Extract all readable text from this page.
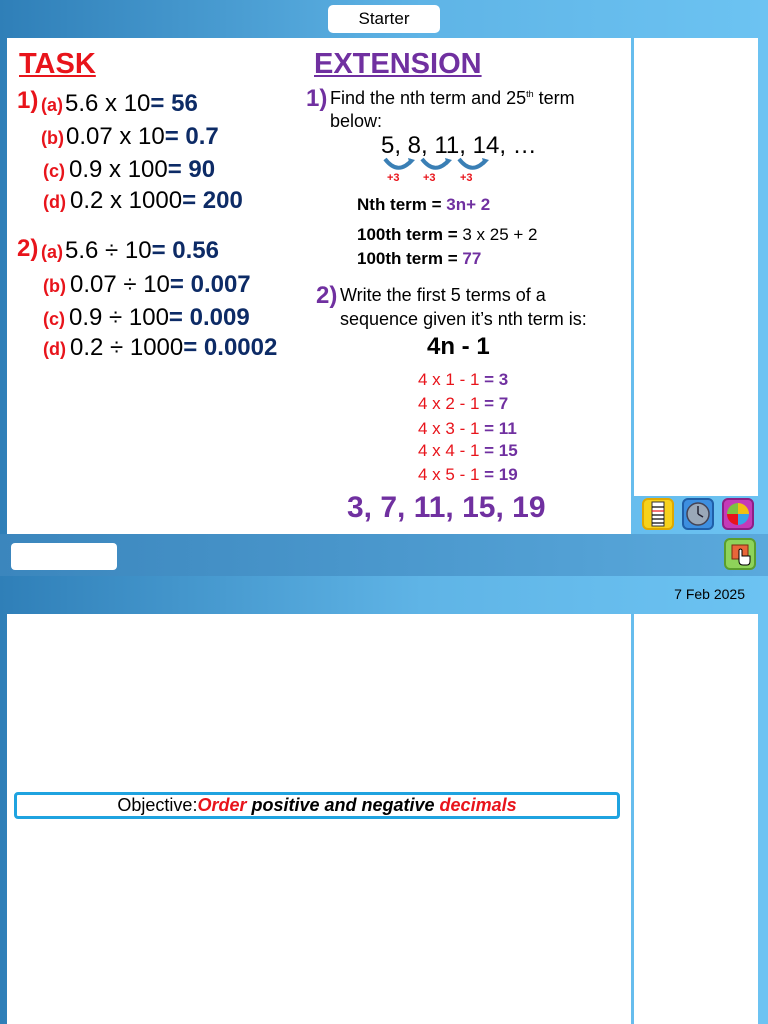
Starter
TASK
1) (a)5.6 x 10= 56
(b)0.07 x 10= 0.7
(c) 0.9 x 100= 90
(d) 0.2 x 1000= 200
2) (a)5.6 ÷ 10= 0.56
(b) 0.07 ÷ 10= 0.007
(c) 0.9 ÷ 100= 0.009
(d) 0.2 ÷ 1000= 0.0002
EXTENSION
1) Find the nth term and 25th term
below:
5, 8, 11, 14, …
+3 +3 +3
Nth term = 3n+ 2
100th term = 3 x 25 + 2
100th term = 77
2) Write the first 5 terms of a
sequence given it’s nth term is:
4n - 1
4 x 1 - 1 = 3
4 x 2 - 1 = 7
4 x 3 - 1 = 11
4 x 4 - 1 = 15
4 x 5 - 1 = 19
3, 7, 11, 15, 19
7 Feb 2025
Objective: Order positive and negative decimals
